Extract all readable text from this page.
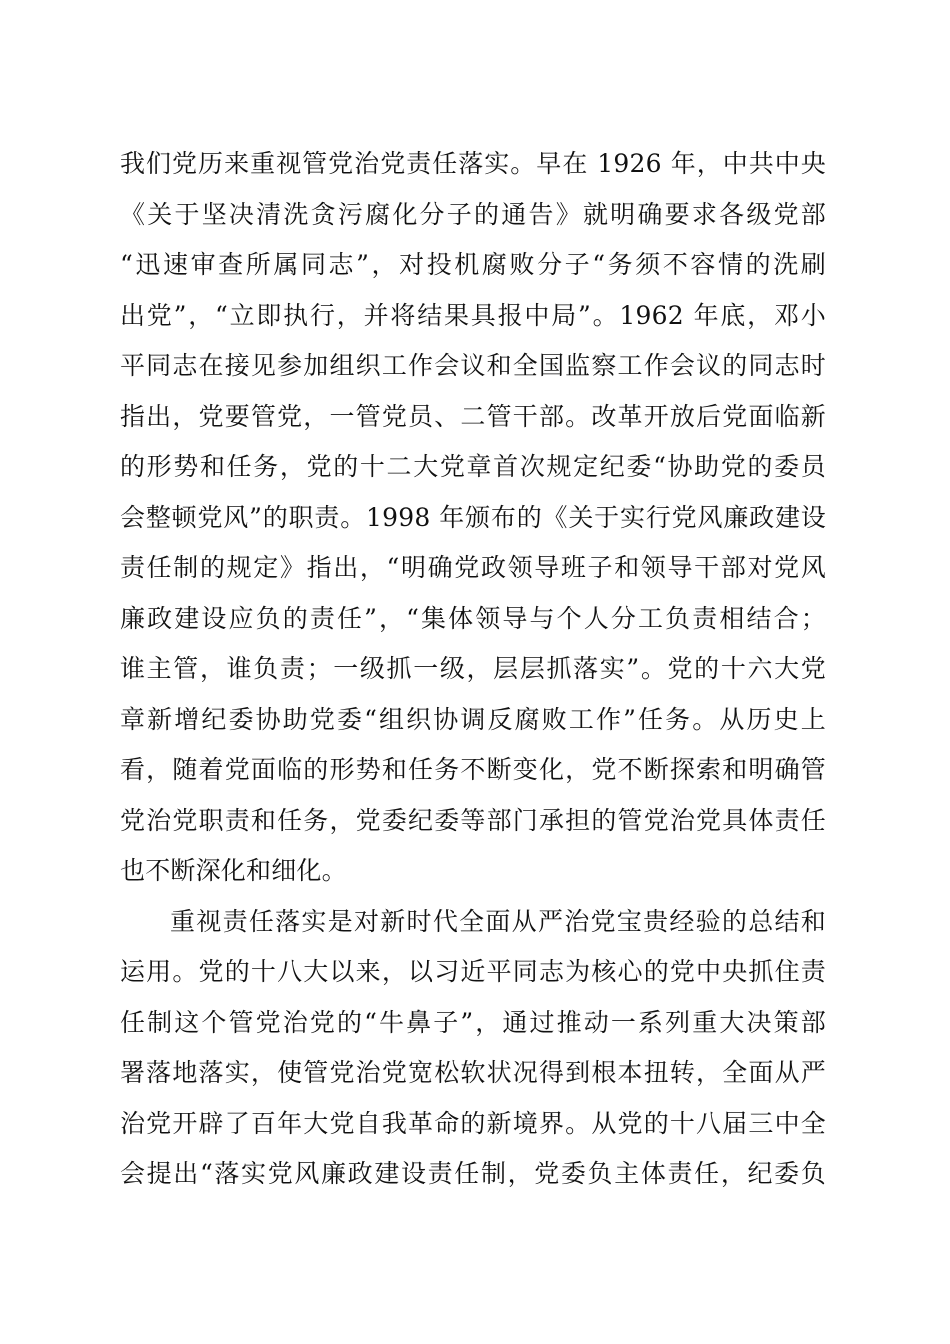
我们党历来重视管党治党责任落实。早在 1926 年，中共中央
《关于坚决清洗贪污腐化分子的通告》就明确要求各级党部
“迅速审查所属同志”，对投机腐败分子“务须不容情的洗刷
出党”，“立即执行，并将结果具报中局”。1962 年底，邓小
平同志在接见参加组织工作会议和全国监察工作会议的同志时
指出，党要管党，一管党员、二管干部。改革开放后党面临新
的形势和任务，党的十二大党章首次规定纪委“协助党的委员
会整顿党风”的职责。1998 年颁布的《关于实行党风廉政建设
责任制的规定》指出，“明确党政领导班子和领导干部对党风
廉政建设应负的责任”，“集体领导与个人分工负责相结合；
谁主管，谁负责；一级抓一级，层层抓落实”。党的十六大党
章新增纪委协助党委“组织协调反腐败工作”任务。从历史上
看，随着党面临的形势和任务不断变化，党不断探索和明确管
党治党职责和任务，党委纪委等部门承担的管党治党具体责任
也不断深化和细化。
重视责任落实是对新时代全面从严治党宝贵经验的总结和
运用。党的十八大以来，以习近平同志为核心的党中央抓住责
任制这个管党治党的“牛鼻子”，通过推动一系列重大决策部
署落地落实，使管党治党宽松软状况得到根本扭转，全面从严
治党开辟了百年大党自我革命的新境界。从党的十八届三中全
会提出“落实党风廉政建设责任制，党委负主体责任，纪委负
